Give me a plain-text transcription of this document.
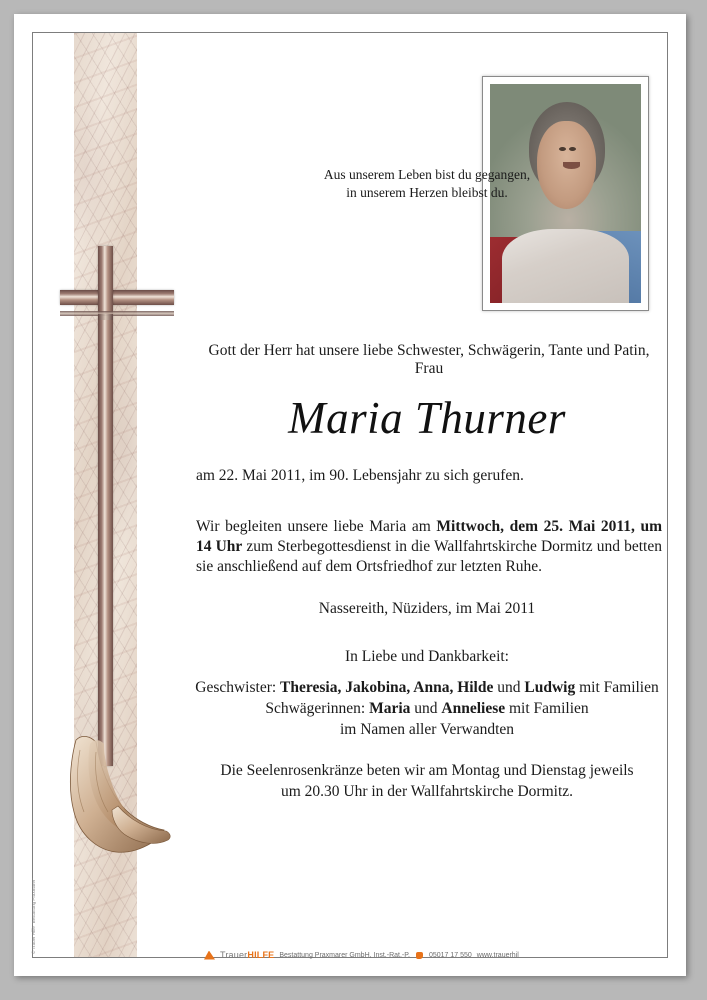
Aus unserem Leben bist du gegangen,
in unserem Herzen bleibst du.
Gott der Herr hat unsere liebe Schwester, Schwägerin, Tante und Patin, Frau
Maria Thurner
am 22. Mai 2011, im 90. Lebensjahr zu sich gerufen.
Wir begleiten unsere liebe Maria am Mittwoch, dem 25. Mai 2011, um 14 Uhr zum Sterbegottesdienst in die Wallfahrtskirche Dormitz und betten sie anschließend auf dem Ortsfriedhof zur letzten Ruhe.
Nassereith, Nüziders, im Mai 2011
In Liebe und Dankbarkeit:
Geschwister: Theresia, Jakobina, Anna, Hilde und Ludwig mit Familien
Schwägerinnen: Maria und Anneliese mit Familien
im Namen aller Verwandten
Die Seelenrosenkränze beten wir am Montag und Dienstag jeweils
um 20.30 Uhr in der Wallfahrtskirche Dormitz.
TrauerHILFE Bestattung Praxmarer GmbH, Inst.-Rat.-P.	05017 17 550 www.trauerhil
© Trauer Hilfe "Bestattung Praxmarer"
